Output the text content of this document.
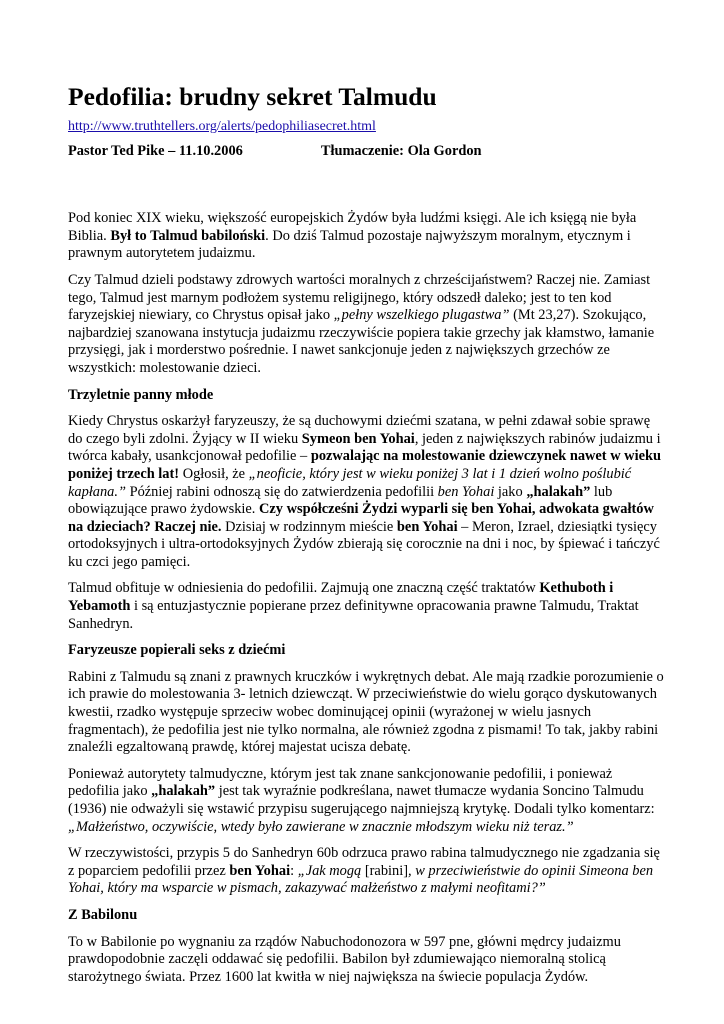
Pedofilia: brudny sekret Talmudu
http://www.truthtellers.org/alerts/pedophiliasecret.html
Pastor Ted Pike – 11.10.2006	Tłumaczenie: Ola Gordon

Pod koniec XIX wieku, większość europejskich Żydów była ludźmi księgi. Ale ich księgą nie była Biblia. Był to Talmud babiloński. Do dziś Talmud pozostaje najwyższym moralnym, etycznym i prawnym autorytetem judaizmu.

Czy Talmud dzieli podstawy zdrowych wartości moralnych z chrześcijaństwem? Raczej nie. Zamiast tego, Talmud jest marnym podłożem systemu religijnego, który odszedł daleko; jest to ten kod faryzejskiej niewiary, co Chrystus opisał jako „pełny wszelkiego plugastwa” (Mt 23,27). Szokująco, najbardziej szanowana instytucja judaizmu rzeczywiście popiera takie grzechy jak kłamstwo, łamanie przysięgi, jak i morderstwo pośrednie. I nawet sankcjonuje jeden z największych grzechów ze wszystkich: molestowanie dzieci.

Trzyletnie panny młode

Kiedy Chrystus oskarżył faryzeuszy, że są duchowymi dziećmi szatana, w pełni zdawał sobie sprawę do czego byli zdolni. Żyjący w II wieku Symeon ben Yohai, jeden z największych rabinów judaizmu i twórca kabały, usankcjonował pedofilie – pozwalając na molestowanie dziewczynek nawet w wieku poniżej trzech lat! Ogłosił, że „neoficie, który jest w wieku poniżej 3 lat i 1 dzień wolno poślubić kapłana.” Później rabini odnoszą się do zatwierdzenia pedofilii ben Yohai jako „halakah” lub obowiązujące prawo żydowskie. Czy współcześni Żydzi wyparli się ben Yohai, adwokata gwałtów na dzieciach? Raczej nie. Dzisiaj w rodzinnym mieście ben Yohai – Meron, Izrael, dziesiątki tysięcy ortodoksyjnych i ultra-ortodoksyjnych Żydów zbierają się corocznie na dni i noc, by śpiewać i tańczyć ku czci jego pamięci.

Talmud obfituje w odniesienia do pedofilii. Zajmują one znaczną część traktatów Kethuboth i Yebamoth i są entuzjastycznie popierane przez definitywne opracowania prawne Talmudu, Traktat Sanhedryn.

Faryzeusze popierali seks z dziećmi

Rabini z Talmudu są znani z prawnych kruczków i wykrętnych debat. Ale mają rzadkie porozumienie o ich prawie do molestowania 3- letnich dziewcząt. W przeciwieństwie do wielu gorąco dyskutowanych kwestii, rzadko występuje sprzeciw wobec dominującej opinii (wyrażonej w wielu jasnych fragmentach), że pedofilia jest nie tylko normalna, ale również zgodna z pismami! To tak, jakby rabini znaleźli egzaltowaną prawdę, której majestat ucisza debatę.

Ponieważ autorytety talmudyczne, którym jest tak znane sankcjonowanie pedofilii, i ponieważ pedofilia jako „halakah” jest tak wyraźnie podkreślana, nawet tłumacze wydania Soncino Talmudu (1936) nie odważyli się wstawić przypisu sugerującego najmniejszą krytykę. Dodali tylko komentarz: „Małżeństwo, oczywiście, wtedy było zawierane w znacznie młodszym wieku niż teraz.”

W rzeczywistości, przypis 5 do Sanhedryn 60b odrzuca prawo rabina talmudycznego nie zgadzania się z poparciem pedofilii przez ben Yohai: „Jak mogą [rabini], w przeciwieństwie do opinii Simeona ben Yohai, który ma wsparcie w pismach, zakazywać małżeństwo z małymi neofitami?”

Z Babilonu

To w Babilonie po wygnaniu za rządów Nabuchodonozora w 597 pne, główni mędrcy judaizmu prawdopodobnie zaczęli oddawać się pedofilii. Babilon był zdumiewająco niemoralną stolicą starożytnego świata. Przez 1600 lat kwitła w niej największa na świecie populacja Żydów.
